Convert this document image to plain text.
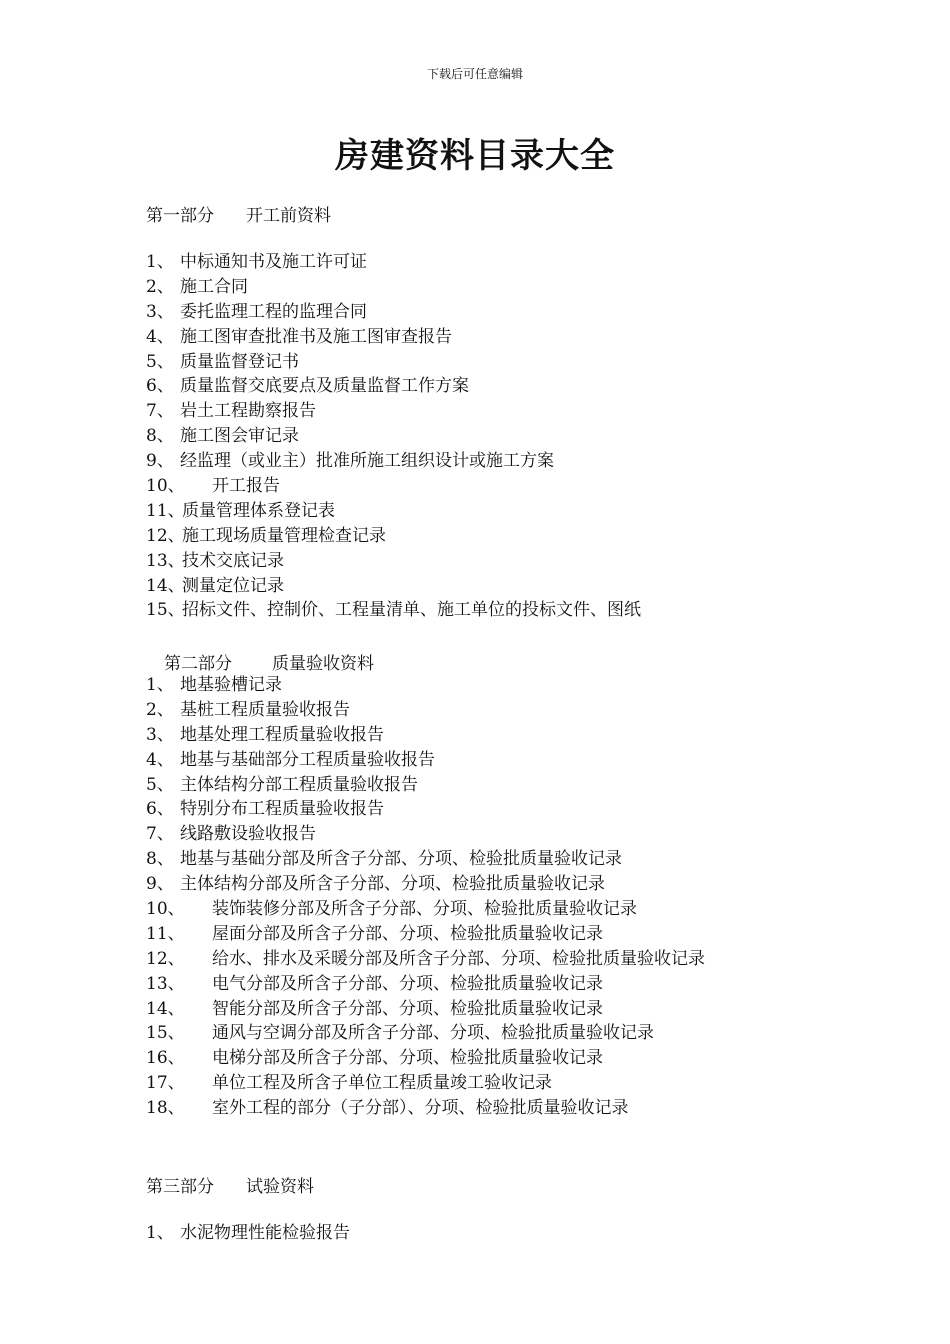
下载后可任意编辑
房建资料目录大全
第一部分 开工前资料
1、 中标通知书及施工许可证
2、 施工合同
3、 委托监理工程的监理合同
4、 施工图审查批准书及施工图审查报告
5、 质量监督登记书
6、 质量监督交底要点及质量监督工作方案
7、 岩土工程勘察报告
8、 施工图会审记录
9、 经监理（或业主）批准所施工组织设计或施工方案
10、	开工报告
11、
质量管理体系登记表
12、
施工现场质量管理检查记录
13、
技术交底记录
14、
测量定位记录
15、
招标文件、控制价、工程量清单、施工单位的投标文件、图纸
第二部分 质量验收资料
1、 地基验槽记录
2、 基桩工程质量验收报告
3、 地基处理工程质量验收报告
4、 地基与基础部分工程质量验收报告
5、 主体结构分部工程质量验收报告
6、 特别分布工程质量验收报告
7、 线路敷设验收报告
8、 地基与基础分部及所含子分部、分项、检验批质量验收记录
9、 主体结构分部及所含子分部、分项、检验批质量验收记录
10、	装饰装修分部及所含子分部、分项、检验批质量验收记录
11、	屋面分部及所含子分部、分项、检验批质量验收记录
12、	给水、排水及采暖分部及所含子分部、分项、检验批质量验收记录
13、	电气分部及所含子分部、分项、检验批质量验收记录
14、	智能分部及所含子分部、分项、检验批质量验收记录
15、	通风与空调分部及所含子分部、分项、检验批质量验收记录
16、	电梯分部及所含子分部、分项、检验批质量验收记录
17、	单位工程及所含子单位工程质量竣工验收记录
18、	室外工程的部分（子分部）、分项、检验批质量验收记录
第三部分 试验资料
1、 水泥物理性能检验报告
